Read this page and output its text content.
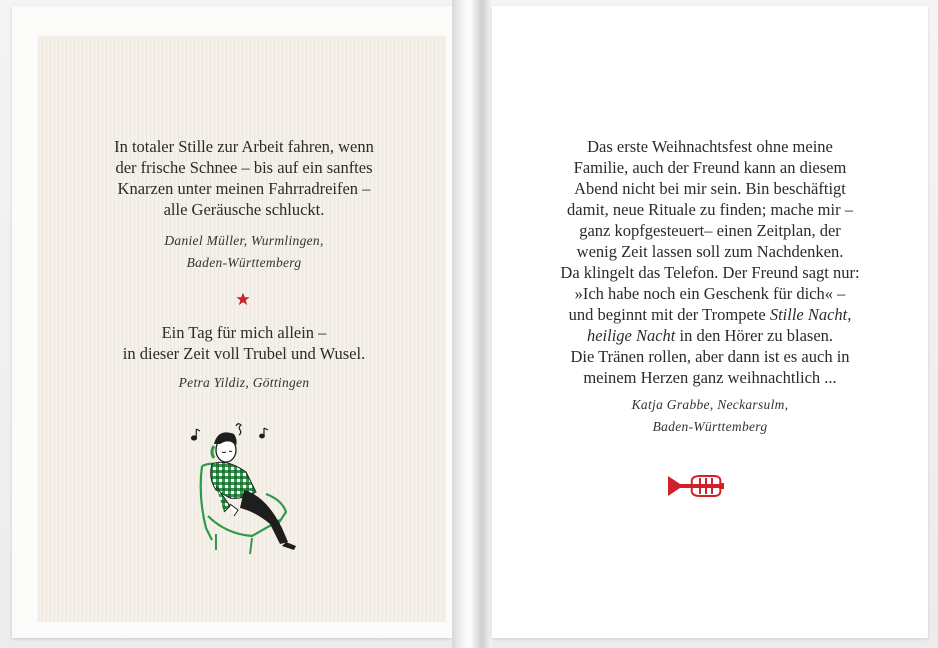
In totaler Stille zur Arbeit fahren, wenn
der frische Schnee – bis auf ein sanftes
Knarzen unter meinen Fahrradreifen –
alle Geräusche schluckt.
Daniel Müller, Wurmlingen,
Baden-Württemberg
Ein Tag für mich allein –
in dieser Zeit voll Trubel und Wusel.
Petra Yildiz, Göttingen
Das erste Weihnachtsfest ohne meine
Familie, auch der Freund kann an diesem
Abend nicht bei mir sein. Bin beschäftigt
damit, neue Rituale zu finden; mache mir –
ganz kopfgesteuert– einen Zeitplan, der
wenig Zeit lassen soll zum Nachdenken.
Da klingelt das Telefon. Der Freund sagt nur:
»Ich habe noch ein Geschenk für dich« –
und beginnt mit der Trompete Stille Nacht,
heilige Nacht in den Hörer zu blasen.
Die Tränen rollen, aber dann ist es auch in
meinem Herzen ganz weihnachtlich ...
Katja Grabbe, Neckarsulm,
Baden-Württemberg
